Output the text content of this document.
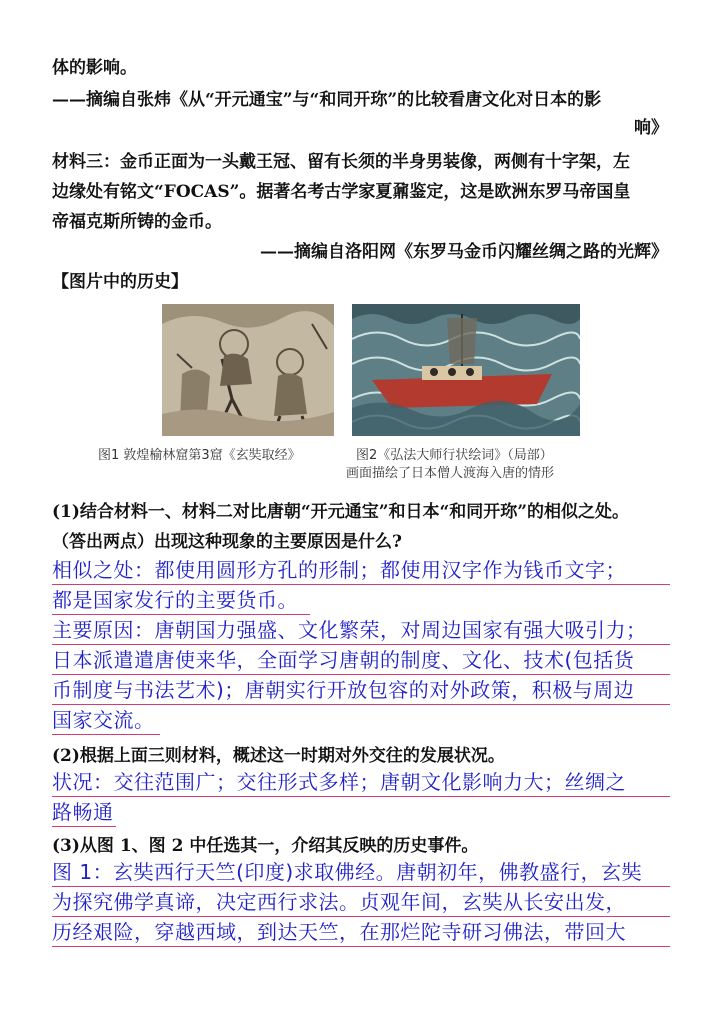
体的影响。
——摘编自张炜《从“开元通宝”与“和同开珎”的比较看唐文化对日本的影
响》
材料三：金币正面为一头戴王冠、留有长须的半身男装像，两侧有十字架，左
边缘处有铭文“FOCAS”。据著名考古学家夏鼐鉴定，这是欧洲东罗马帝国皇
帝福克斯所铸的金币。
——摘编自洛阳网《东罗马金币闪耀丝绸之路的光辉》
【图片中的历史】
图1 敦煌榆林窟第3窟《玄奘取经》	图2《弘法大师行状绘词》（局部）
画面描绘了日本僧人渡海入唐的情形
(1)结合材料一、材料二对比唐朝“开元通宝”和日本“和同开珎”的相似之处。
（答出两点）出现这种现象的主要原因是什么?
相似之处：都使用圆形方孔的形制；都使用汉字作为钱币文字；
都是国家发行的主要货币。
主要原因：唐朝国力强盛、文化繁荣，对周边国家有强大吸引力；
日本派遣遣唐使来华，全面学习唐朝的制度、文化、技术(包括货
币制度与书法艺术)；唐朝实行开放包容的对外政策，积极与周边
国家交流。
(2)根据上面三则材料，概述这一时期对外交往的发展状况。
状况：交往范围广；交往形式多样；唐朝文化影响力大；丝绸之
路畅通
(3)从图 1、图 2 中任选其一，介绍其反映的历史事件。
图 1：玄奘西行天竺(印度)求取佛经。唐朝初年，佛教盛行，玄奘
为探究佛学真谛，决定西行求法。贞观年间，玄奘从长安出发，
历经艰险，穿越西域，到达天竺，在那烂陀寺研习佛法，带回大
